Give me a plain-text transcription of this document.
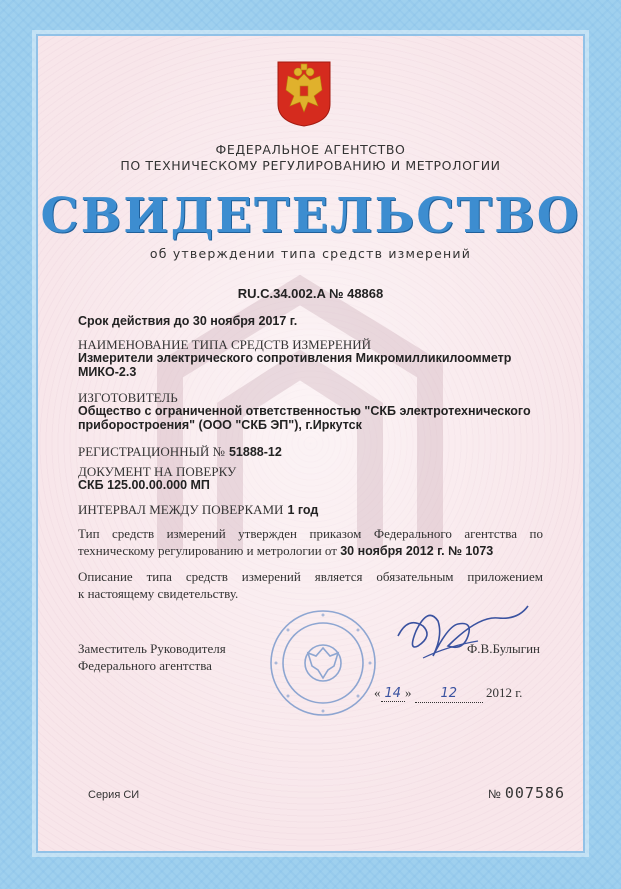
ФЕДЕРАЛЬНОЕ АГЕНТСТВО
ПО ТЕХНИЧЕСКОМУ РЕГУЛИРОВАНИЮ И МЕТРОЛОГИИ
СВИДЕТЕЛЬСТВО
об утверждении типа средств измерений
RU.C.34.002.A № 48868
Срок действия до 30 ноября 2017 г.
НАИМЕНОВАНИЕ ТИПА СРЕДСТВ ИЗМЕРЕНИЙ
Измерители электрического сопротивления Микромилликилоомметр
МИКО-2.3
ИЗГОТОВИТЕЛЬ
Общество с ограниченной ответственностью "СКБ электротехнического
приборостроения" (ООО "СКБ ЭП"), г.Иркутск
РЕГИСТРАЦИОННЫЙ № 51888-12
ДОКУМЕНТ НА ПОВЕРКУ
СКБ 125.00.00.000 МП
ИНТЕРВАЛ МЕЖДУ ПОВЕРКАМИ 1 год
Тип средств измерений утвержден приказом Федерального агентства по
техническому регулированию и метрологии от 30 ноября 2012 г. № 1073
Описание типа средств измерений является обязательным приложением
к настоящему свидетельству.
Заместитель Руководителя
Федерального агентства
Ф.В.Булыгин
« 14 » 12 2012 г.
Серия СИ	№ 007586
